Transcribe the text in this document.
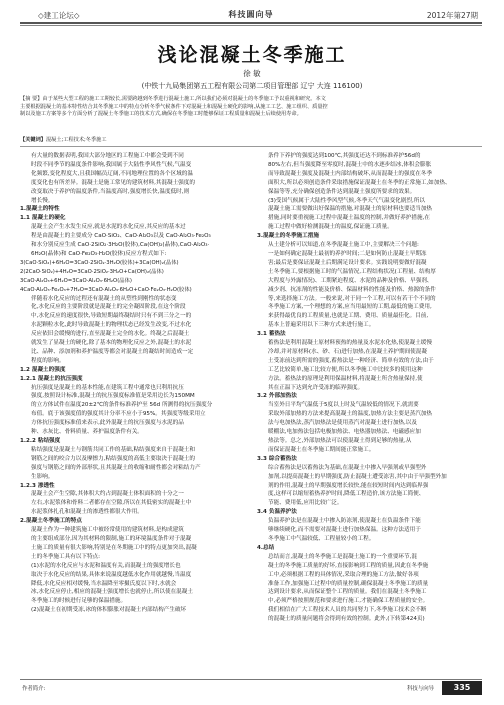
◇建工论坛◇	科技圓向导	2012年第27期
浅论混凝土冬季施工
徐 敏
(中铁十九局集团第五工程有限公司第二项目管理部 辽宁 大连 116100)
【摘 要】由于某些大型工程的施工工期较长,需要跨越到冬季进行混凝土施工,所以我们必须对混凝土的冬季施工予以重视和研究。本文
主要根据混凝土的基本特性结合其冬季施工中的特点分析冬季气候条件下对混凝土和混凝土硬化的影响,从施工工艺、施工组织、质量控
制以及施工方案等多个方面分析了混凝土冬季施工的技术方式,确保在冬季施工时能够保证工程质量和混凝土后续使用寿命。
【关键词】混凝土;工程技术;冬季施工

有大量的数据表明,我国大部分地区的工程施工中都会受到不同

时段不同季节的温度条件影响,我国属于大陆性季风性气候,气温变

化频繁,变化程度大,且我国幅员辽阔,不同地理位置的各个区域的温

度变化也有所差异。混凝土是施工常见的建筑材料,其混凝土强度的

改变取决于养护的温度条件,当温度高时,强度增长快,温度低时,则

增长慢。

1.混凝土的特性

1.1 混凝土的硬化

混凝土会产生水发生反应,就是水泥的水化反应,其反应的基本过

程是由混凝土的主要成分 CaO·SiO₂、CaO·Al₂O₃以及 CaO·Al₂O₃·Fe₂O₃

和水分别反应生成 CaO·2SiO₂·3H₂O(胶体),Ca(OH)₂(晶体),CaO·Al₂O₃·

6H₂O(晶体)和 CaO·Fe₂O₃·H₂O(胶体)反应方程式如下:

3(CaO·SiO₂)+6H₂O=3CaO·2SiO₂·3H₂O(胶体)+3Ca(OH)₂(晶体)

2(2CaO·SiO₂)+4H₂O=3CaO·2SiO₂·3H₂O+Ca(OH)₂(晶体)

3CaO·Al₂O₃+6H₂O=3CaO·Al₂O₃·6H₂O(晶体)

4CaO·Al₂O₃·Fe₂O₃+7H₂O=3CaO·Al₂O₃·6H₂O+CaO·Fe₂O₃·H₂O(胶体)

伴随着水化反应的过程还有混凝土的从塑性到刚性的状态变

化,水化反应的主要阶段就是混凝土的完全凝固阶段,在这个阶段

中,水化反应的速度很快,导致短期最终凝结时只有不到三分之一的

水泥颗粒水化,此时导致混凝土的物理状态已经发生改变,不过水化

反应依旧会缓慢的进行,直至混凝土完全的水化。终凝之后混凝土

就发生了显凝土的硬化,除了基本的物理化反应之外,混凝土的水泥

比、品种、添加剂和养护温度等都会对混凝土的凝结时间造成一定

程度的影响。

1.2 混凝土的强度

1.2.1 混凝土的抗压强度

抗压强度是混凝土的基本性能,在建筑工程中通常也只利用抗压

强度,按照设计标准,混凝土的抗压强度标准值是采用边长为150MM

的立方体试件在温度20±2℃的条件标准养护至 56d 所测得的抗压强度分

布值。底于该强度值的强度其计分率不应小于95%。其强度等级采用立

方体抗压强度标准值来表示,此外混凝土的抗压强度与水泥的品

种、水灰比、骨料质量、养护温度条件有关。

1.2.2 粘结强度

粘结强度是混凝土与钢筋共同工作的基础,粘结强度来自于混凝土和

钢筋之间的咬合力以及摩擦力,粘结强度的高低主要取决于混凝土的

强度与钢筋之间的外部形状,且其混凝土的收缩和耐性都会对粘结力产

生影响。

1.2.3 渗透性

混凝土会产生空隙,其体积大约占到混凝土体积面积的十分之一

左右,水泥浆体和骨料二者都存在空隙,所以在其低密实的混凝土中

水泥浆体扎孔和混凝土的渗透性都很大作用。

2.混凝土冬季施工的特点

混凝土作为一种建筑施工中被经常使用的建筑材料,是构成建筑

的主要组成部分,因为其材料的限制,施工的环境温度条件对于混凝

土施工的质量有很大影响,特别是在冬期施工中的特点更加突出,混凝

土的冬季施工具有以下特点:

(1)水泥的水化反应与水泥和温度有关,而混凝土的强度增长也

取决于水化反应的结果,具体来说温度越低水化作用就越慢,当温度

降低,水化反应相对缓慢,当水温降至零摄氏度以下时,水就会

冰,水化反应停止,相应的混凝土强度增长也就停止,所以使在混凝土

冬季施工的时候进行足够的保温措施。

(2)混凝土在初期受冻,冰的体积膨胀对混凝土内部结构产生破坏

条件下养护的强度达到100℃,其强度还达不到标准养护56d的

80%左右,但当强度降至零度时,混凝土中的水逐步结冰,体积会膨胀

而导致混凝土强度及混凝土内部结构破坏,从而混凝土的强度在冬季

面积大,所以必须创造条件采取措施保证混凝土在冬季的正常施工,如加热、

保温等等,充分确保创造条件达到混凝土强度所要求的效果。

(3)受国气候属于大陆性季风型气候,冬季天气气温变化剧烈,所以

混凝土施工需要做出好保温的措施,对混凝土的原材料也要适当加热

措施,同时要重视施工过程中混凝土温度的控制,并做好养护措施,在

施工过程中做好检测混凝土的温度,保证施工质量。

3.混凝土的冬季施工措施

从土建分析可以知道,在冬季混凝土施工中,主要解决三个问题:

一是如何确定混凝土最初的养护时间;二是如何防止混凝土早期冻

害;最后是要保证混凝土后期满足设计要求。实践说明要做好混凝

土冬季施工,要根据施工时的气温情况,工程结构状况(工程量、结构厚

大程度与外露情况)、工期紧迫程度、水泥的品种及价格、早强剂、

减少剂、抗冻剂的性能及价格、保温材料的性能及价格、热源的条件

等,来选择施工方法。一般来说,对于同一个工程,可以有若干个不同的

冬季施工方案,一个理想的方案,应当用最短的工期,最低的施工费用,

来获得最优良的工程质量,也就是工期、费用、质量最佳化。目前,

基本上普遍采用以下三种方式来进行施工。

3.1 蓄热法

蓄热法是利用混凝土原材料预热的热量及水泥水化热,使混凝土缓慢

冷却,并对原材料(水、砂、石)进行加热,在混凝土养护期间使混凝

土受冻前达到所需的强度,蓄热法是一种经济、简单有效的方法,由于

工艺比较简单,施工比较方便,所以冬季施工中比较多的使用这种

方法。蓄热法的原理是利用保温材料,将混凝土所含热量保持,使

其在正温下达到允许受冻的临界强度。

3.2 外部加热法

当室外日平均气温低于5度以上时及气温较低的情况下,就需要

采取外部加热的方法来提高混凝土的温度,加热方法主要是蒸汽加热

法与电加热法,蒸汽加热法是使用蒸汽对混凝土进行加热,以及

暖棚法,电加热法包括电极加热法、电热器加热法、电磁感应加

热法等。总之,外部加热法可以使混凝土得到足够的热量,从

而保证混凝土在冬季施工期间能正常施工。

3.3 综合蓄热法

综合蓄热法是以蓄热法为基础,在混凝土中掺入早强剂或早强型外

加剂,以提高混凝土的早期强度,防止混凝土遭受冻害,其中由于早强型外加

剂的作用,混凝土的早期强度增长较快,能在较短时间内达到临界强

度,这样可以缩短蓄热养护时间,降低工程造价,该方法施工简便、

节能、费用低,应用比较广泛。

3.4 负温养护法

负温养护法是在混凝土中掺入防冻剂,使混凝土在负温条件下能

够继续硬化,而不需要对混凝土进行加热保温。这种方法适用于

冬季施工中气温较低、工程量较小的工程。

4.总结

总结而言,混凝土的冬季施工是混凝土施工的一个重要环节,混

凝土的冬季施工质量的好坏,直接影响到工程的质量,因此在冬季施

工中,必须根据工程的具体情况,采取合理的施工方法,做好各项

准备工作,加强施工过程中的质量控制,确保混凝土冬季施工的质量

达到设计要求,从而保证整个工程的质量。我们在混凝土冬季施工

中,必须严格按照规范和要求进行施工,才能确保工程质量的安全。

我们相信在广大工程技术人员的共同努力下,冬季施工技术会不断

的混凝土的质量问题将会得到有效的控制。此外,(下转第424页)

作者简介:	科技与向导	335
